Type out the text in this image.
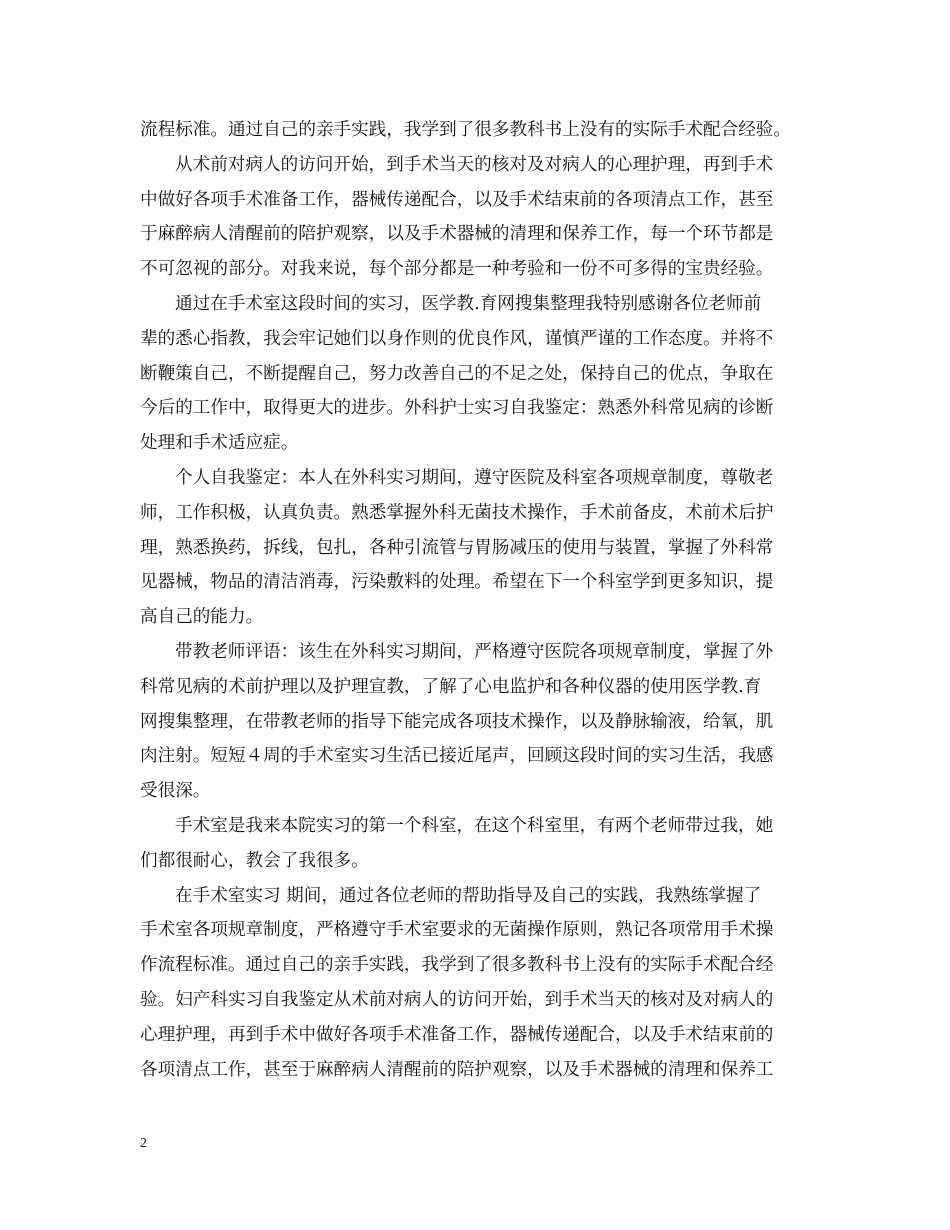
流程标准。通过自己的亲手实践，我学到了很多教科书上没有的实际手术配合经验。
从术前对病人的访问开始，到手术当天的核对及对病人的心理护理，再到手术
中做好各项手术准备工作，器械传递配合，以及手术结束前的各项清点工作，甚至
于麻醉病人清醒前的陪护观察，以及手术器械的清理和保养工作，每一个环节都是
不可忽视的部分。对我来说，每个部分都是一种考验和一份不可多得的宝贵经验。
通过在手术室这段时间的实习，医学教.育网搜集整理我特别感谢各位老师前
辈的悉心指教，我会牢记她们以身作则的优良作风，谨慎严谨的工作态度。并将不
断鞭策自己，不断提醒自己，努力改善自己的不足之处，保持自己的优点，争取在
今后的工作中，取得更大的进步。外科护士实习自我鉴定：熟悉外科常见病的诊断
处理和手术适应症。
个人自我鉴定：本人在外科实习期间，遵守医院及科室各项规章制度，尊敬老
师，工作积极，认真负责。熟悉掌握外科无菌技术操作，手术前备皮，术前术后护
理，熟悉换药，拆线，包扎，各种引流管与胃肠减压的使用与装置，掌握了外科常
见器械，物品的清洁消毒，污染敷料的处理。希望在下一个科室学到更多知识，提
高自己的能力。
带教老师评语：该生在外科实习期间，严格遵守医院各项规章制度，掌握了外
科常见病的术前护理以及护理宣教，了解了心电监护和各种仪器的使用医学教.育
网搜集整理，在带教老师的指导下能完成各项技术操作，以及静脉输液，给氧，肌
肉注射。短短４周的手术室实习生活已接近尾声，回顾这段时间的实习生活，我感
受很深。
手术室是我来本院实习的第一个科室，在这个科室里，有两个老师带过我，她
们都很耐心，教会了我很多。
在手术室实习 期间，通过各位老师的帮助指导及自己的实践，我熟练掌握了
手术室各项规章制度，严格遵守手术室要求的无菌操作原则，熟记各项常用手术操
作流程标准。通过自己的亲手实践，我学到了很多教科书上没有的实际手术配合经
验。妇产科实习自我鉴定从术前对病人的访问开始，到手术当天的核对及对病人的
心理护理，再到手术中做好各项手术准备工作，器械传递配合，以及手术结束前的
各项清点工作，甚至于麻醉病人清醒前的陪护观察，以及手术器械的清理和保养工
2
